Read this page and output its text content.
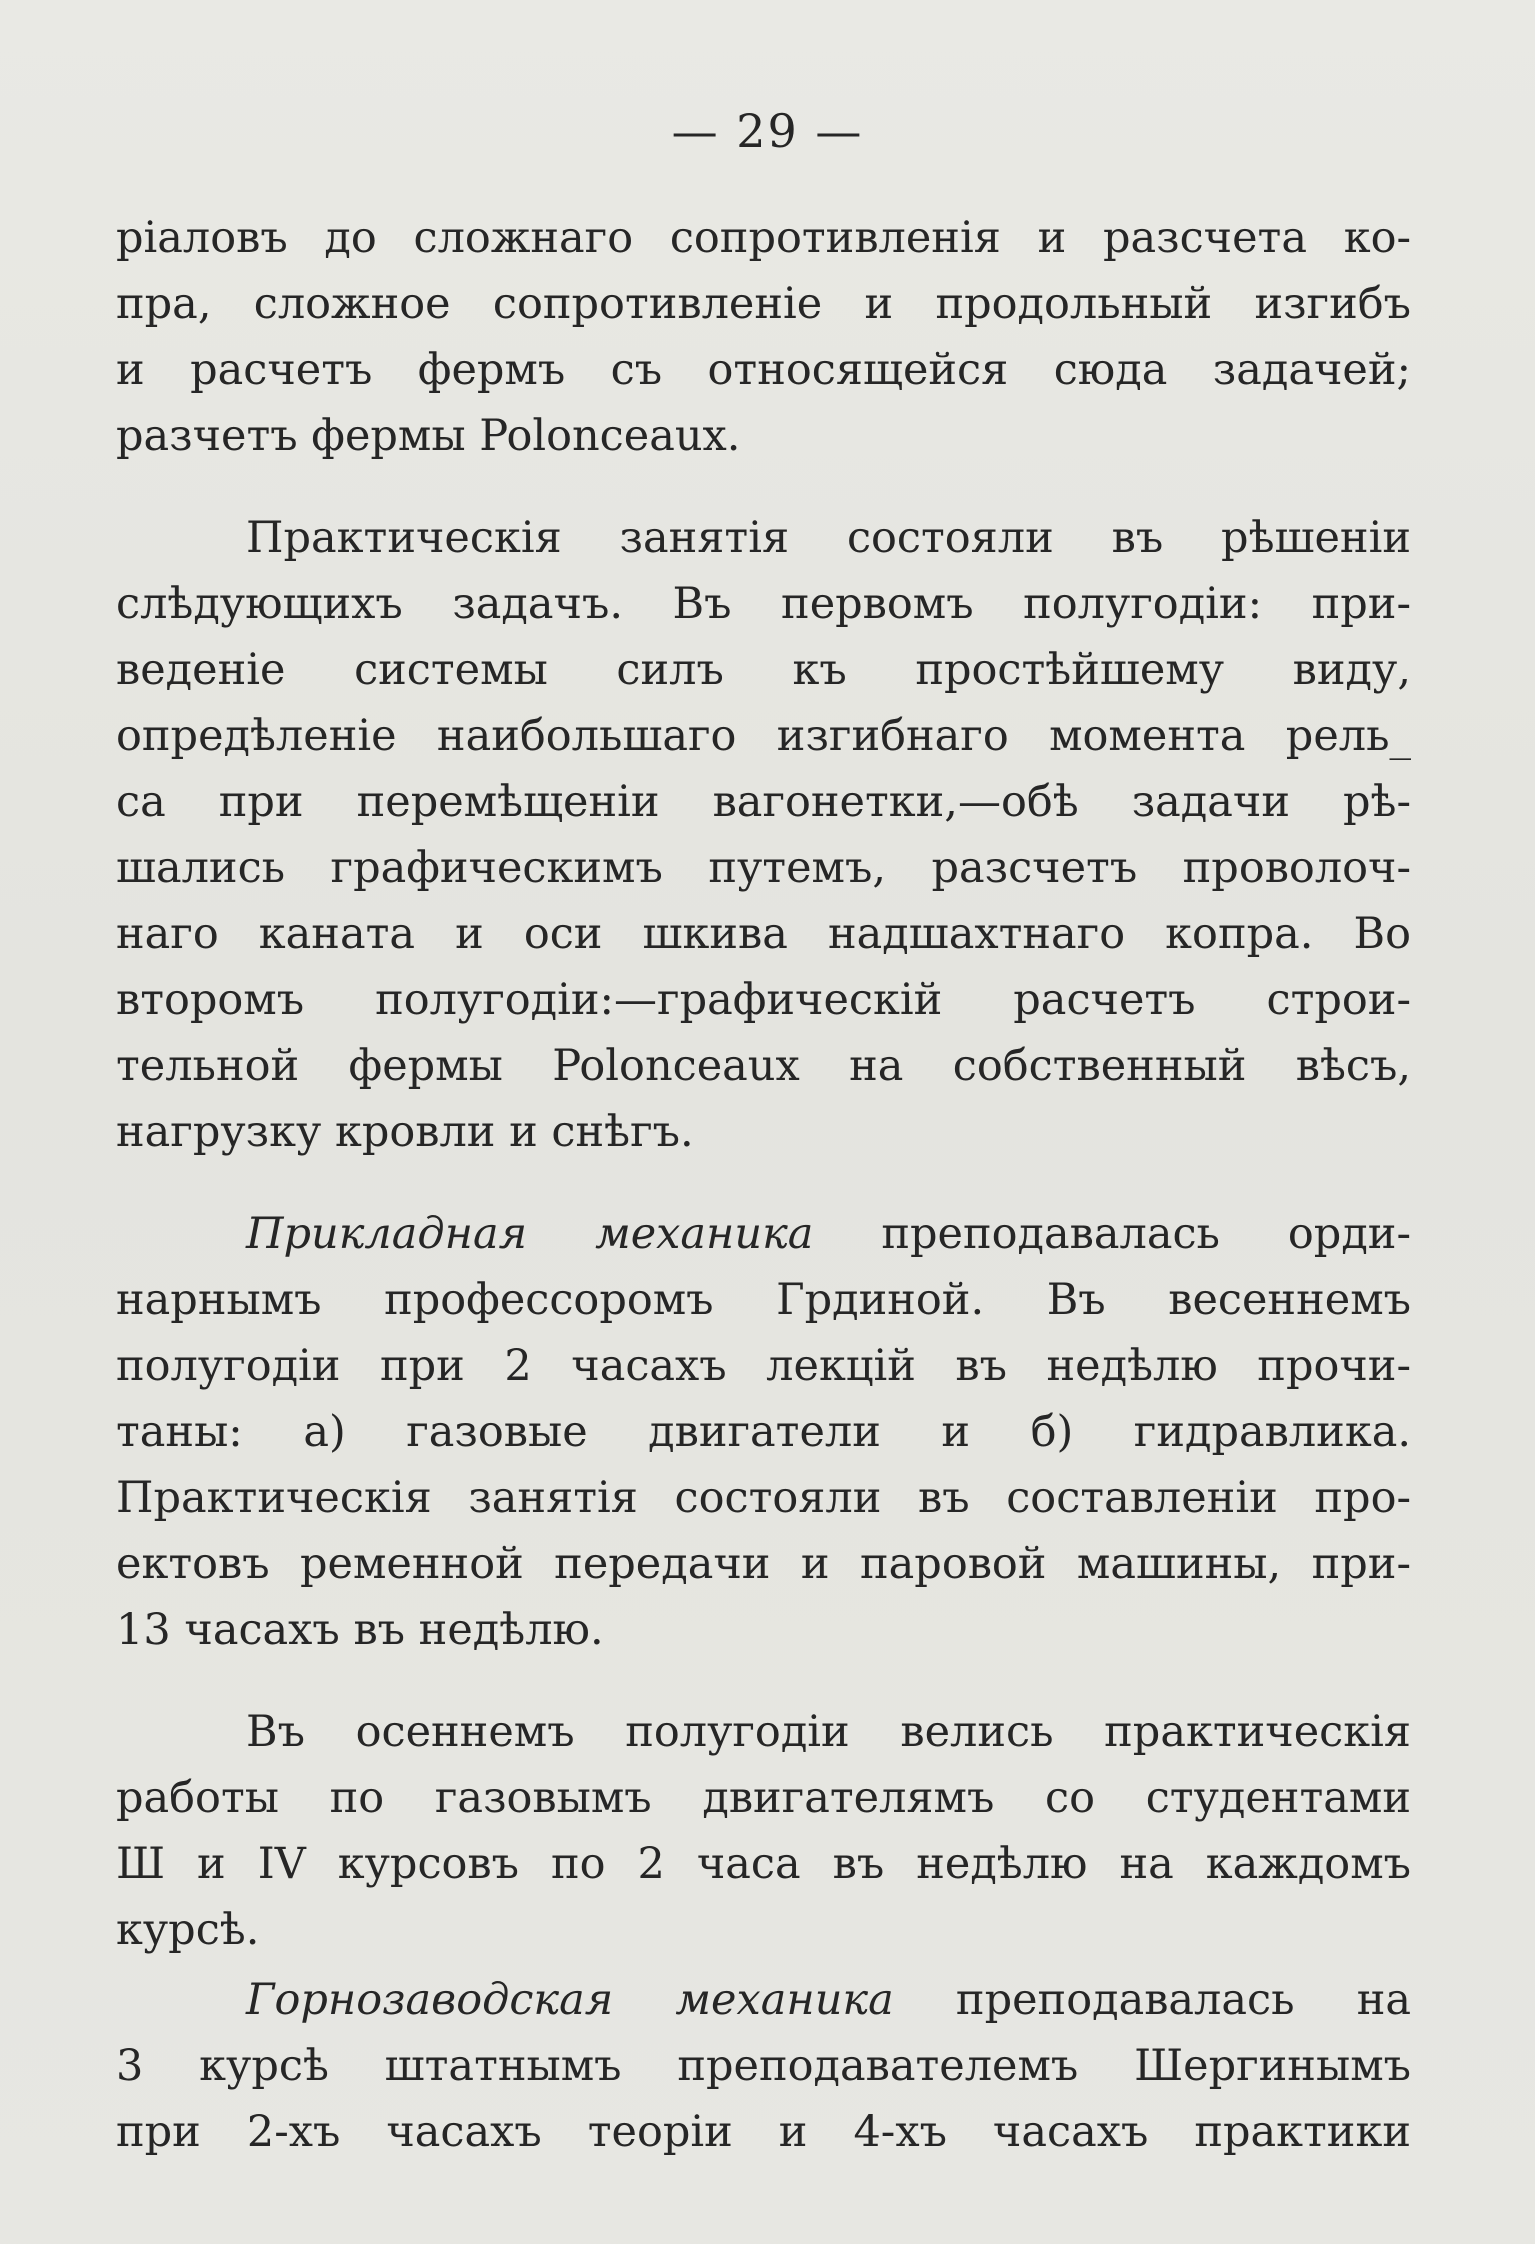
— 29 —
ріаловъ до сложнаго сопротивленія и разсчета ко-
пра, сложное сопротивленіе и продольный изгибъ
и расчетъ фермъ съ относящейся сюда задачей;
разчетъ фермы Polonceaux.
Практическія занятія состояли въ рѣшеніи
слѣдующихъ задачъ. Въ первомъ полугодіи: при-
веденіе системы силъ къ простѣйшему виду,
опредѣленіе наибольшаго изгибнаго момента рель_
са при перемѣщеніи вагонетки,—обѣ задачи рѣ-
шались графическимъ путемъ, разсчетъ проволоч-
наго каната и оси шкива надшахтнаго копра. Во
второмъ полугодіи:—графическій расчетъ строи-
тельной фермы Polonceaux на собственный вѣсъ,
нагрузку кровли и снѣгъ.
Прикладная механика преподавалась орди-
нарнымъ профессоромъ Грдиной. Въ весеннемъ
полугодіи при 2 часахъ лекцій въ недѣлю прочи-
таны: а) газовые двигатели и б) гидравлика.
Практическія занятія состояли въ составленіи про-
ектовъ ременной передачи и паровой машины, при-
13 часахъ въ недѣлю.
Въ осеннемъ полугодіи велись практическія
работы по газовымъ двигателямъ со студентами
Ш и IV курсовъ по 2 часа въ недѣлю на каждомъ
курсѣ.
Горнозаводская механика преподавалась на
3 курсѣ штатнымъ преподавателемъ Шергинымъ
при 2-хъ часахъ теоріи и 4-хъ часахъ практики
